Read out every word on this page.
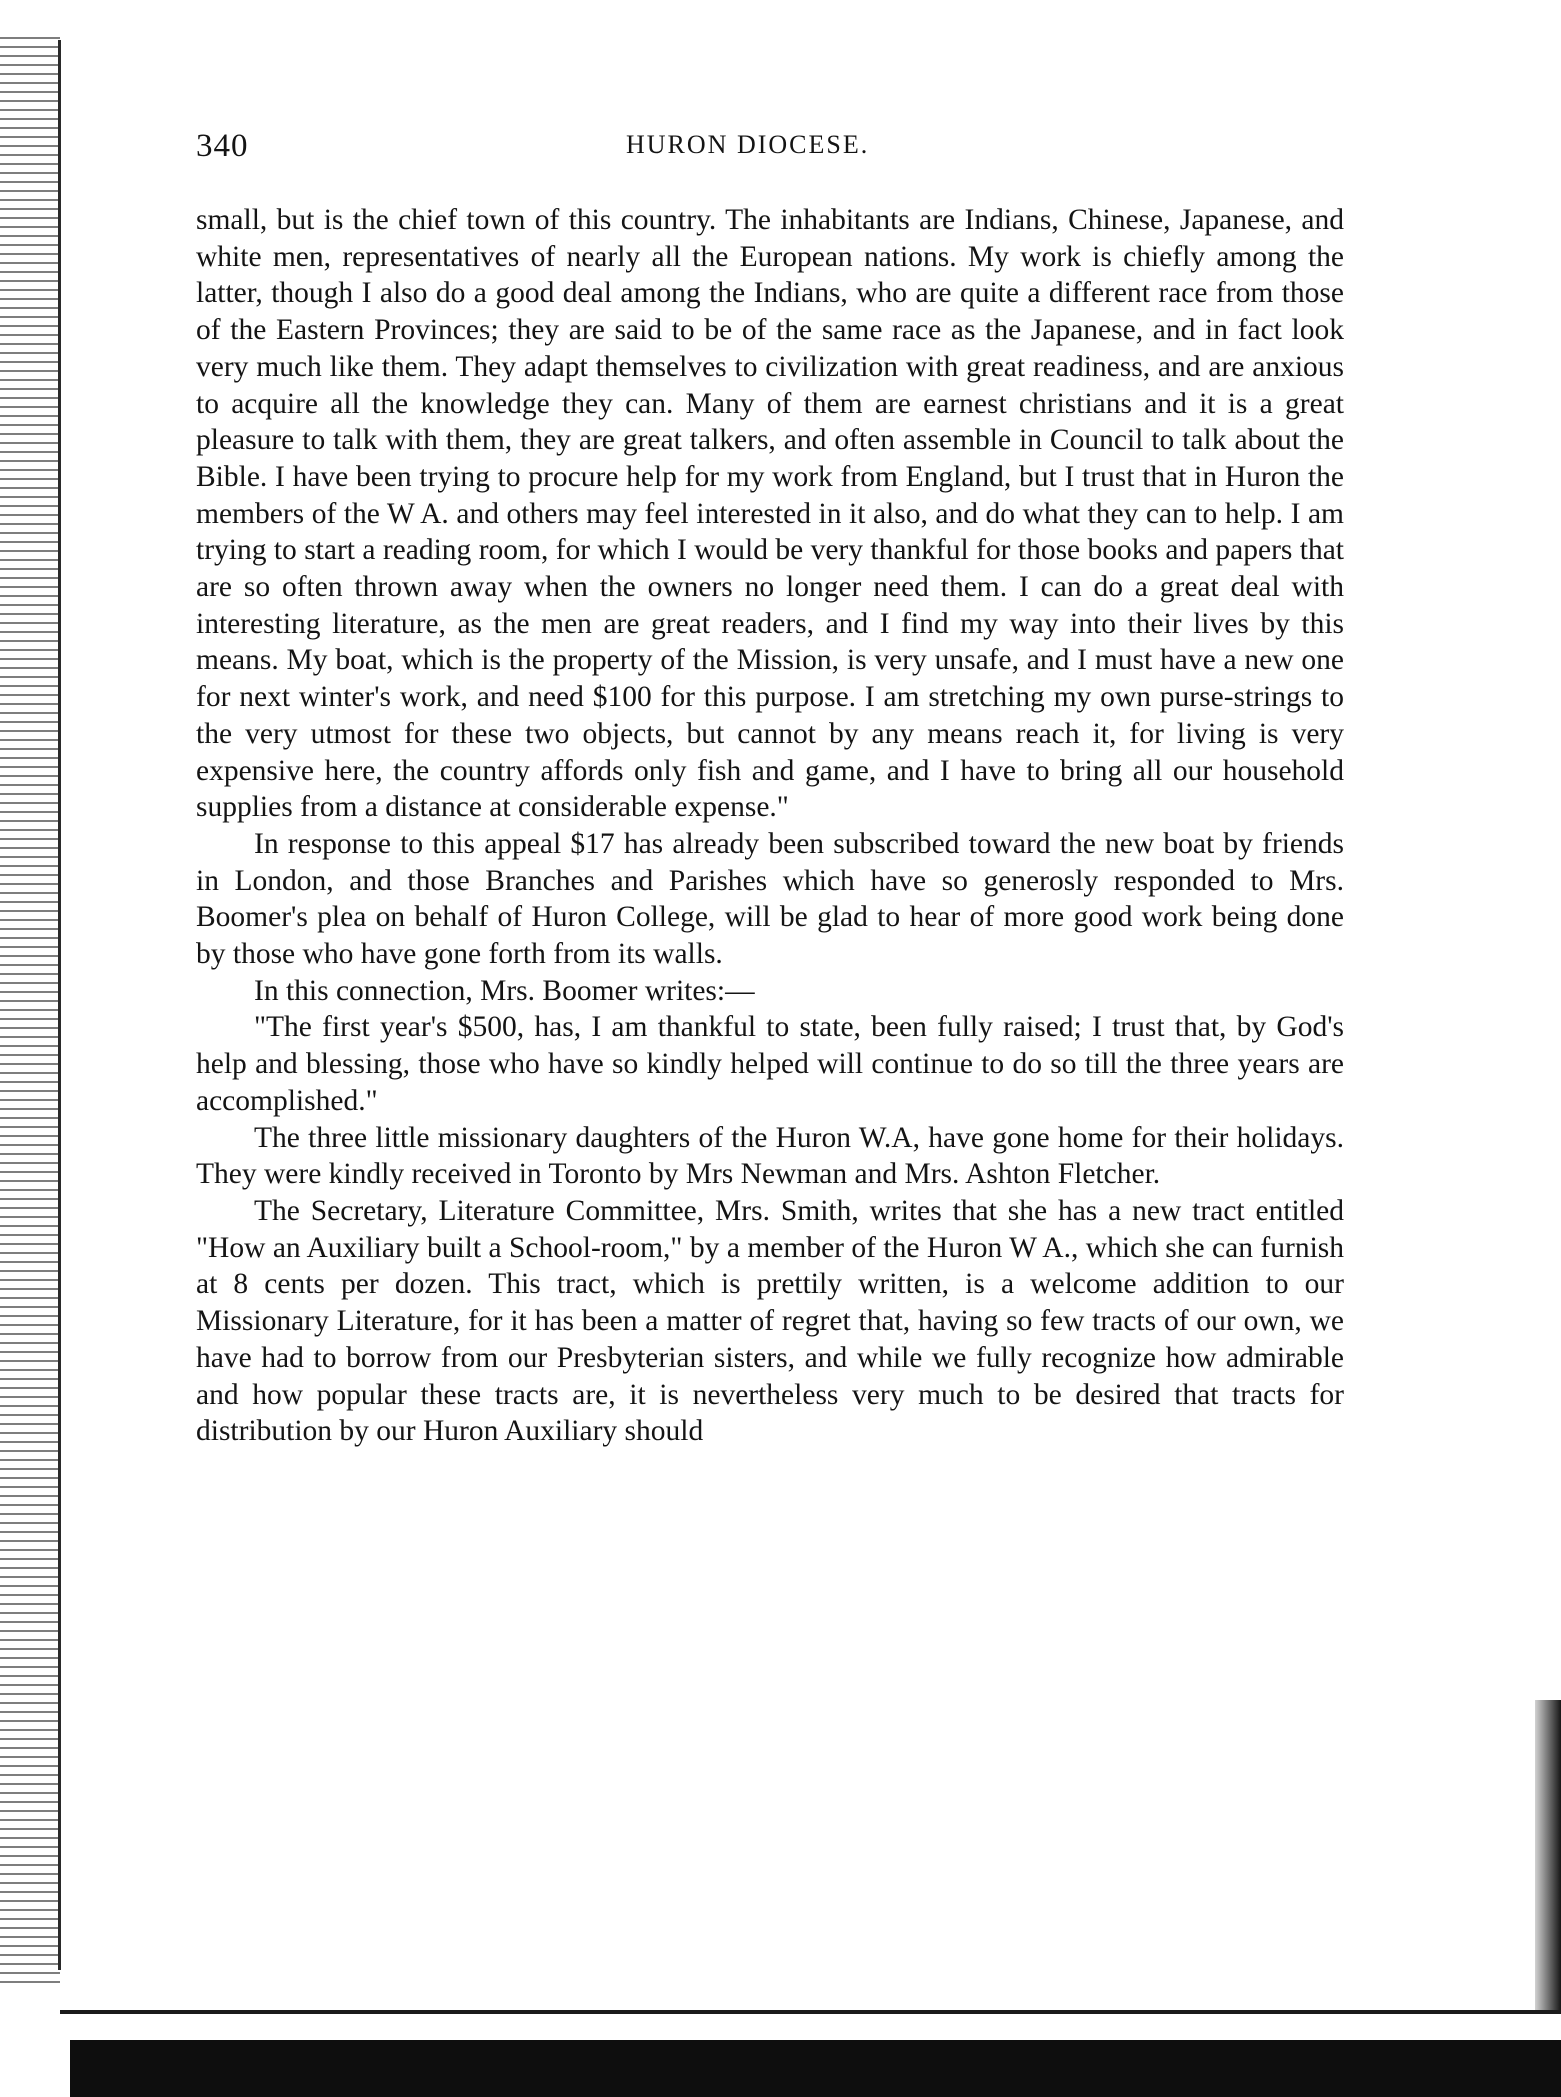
340	HURON DIOCESE.

small, but is the chief town of this country. The inhabitants are Indians, Chinese, Japanese, and white men, representatives of nearly all the European nations. My work is chiefly among the latter, though I also do a good deal among the Indians, who are quite a different race from those of the Eastern Provinces; they are said to be of the same race as the Japanese, and in fact look very much like them. They adapt themselves to civilization with great readiness, and are anxious to acquire all the knowledge they can. Many of them are earnest christians and it is a great pleasure to talk with them, they are great talkers, and often assemble in Council to talk about the Bible. I have been trying to procure help for my work from England, but I trust that in Huron the members of the W A. and others may feel interested in it also, and do what they can to help. I am trying to start a reading room, for which I would be very thankful for those books and papers that are so often thrown away when the owners no longer need them. I can do a great deal with interesting literature, as the men are great readers, and I find my way into their lives by this means. My boat, which is the property of the Mission, is very unsafe, and I must have a new one for next winter's work, and need $100 for this purpose. I am stretching my own purse-strings to the very utmost for these two objects, but cannot by any means reach it, for living is very expensive here, the country affords only fish and game, and I have to bring all our household supplies from a distance at considerable expense."

In response to this appeal $17 has already been subscribed toward the new boat by friends in London, and those Branches and Parishes which have so generosly responded to Mrs. Boomer's plea on behalf of Huron College, will be glad to hear of more good work being done by those who have gone forth from its walls.

In this connection, Mrs. Boomer writes:—

"The first year's $500, has, I am thankful to state, been fully raised; I trust that, by God's help and blessing, those who have so kindly helped will continue to do so till the three years are accomplished."

The three little missionary daughters of the Huron W.A, have gone home for their holidays. They were kindly received in Toronto by Mrs Newman and Mrs. Ashton Fletcher.

The Secretary, Literature Committee, Mrs. Smith, writes that she has a new tract entitled "How an Auxiliary built a School-room," by a member of the Huron W A., which she can furnish at 8 cents per dozen. This tract, which is prettily written, is a welcome addition to our Missionary Literature, for it has been a matter of regret that, having so few tracts of our own, we have had to borrow from our Presbyterian sisters, and while we fully recognize how admirable and how popular these tracts are, it is nevertheless very much to be desired that tracts for distribution by our Huron Auxiliary should
